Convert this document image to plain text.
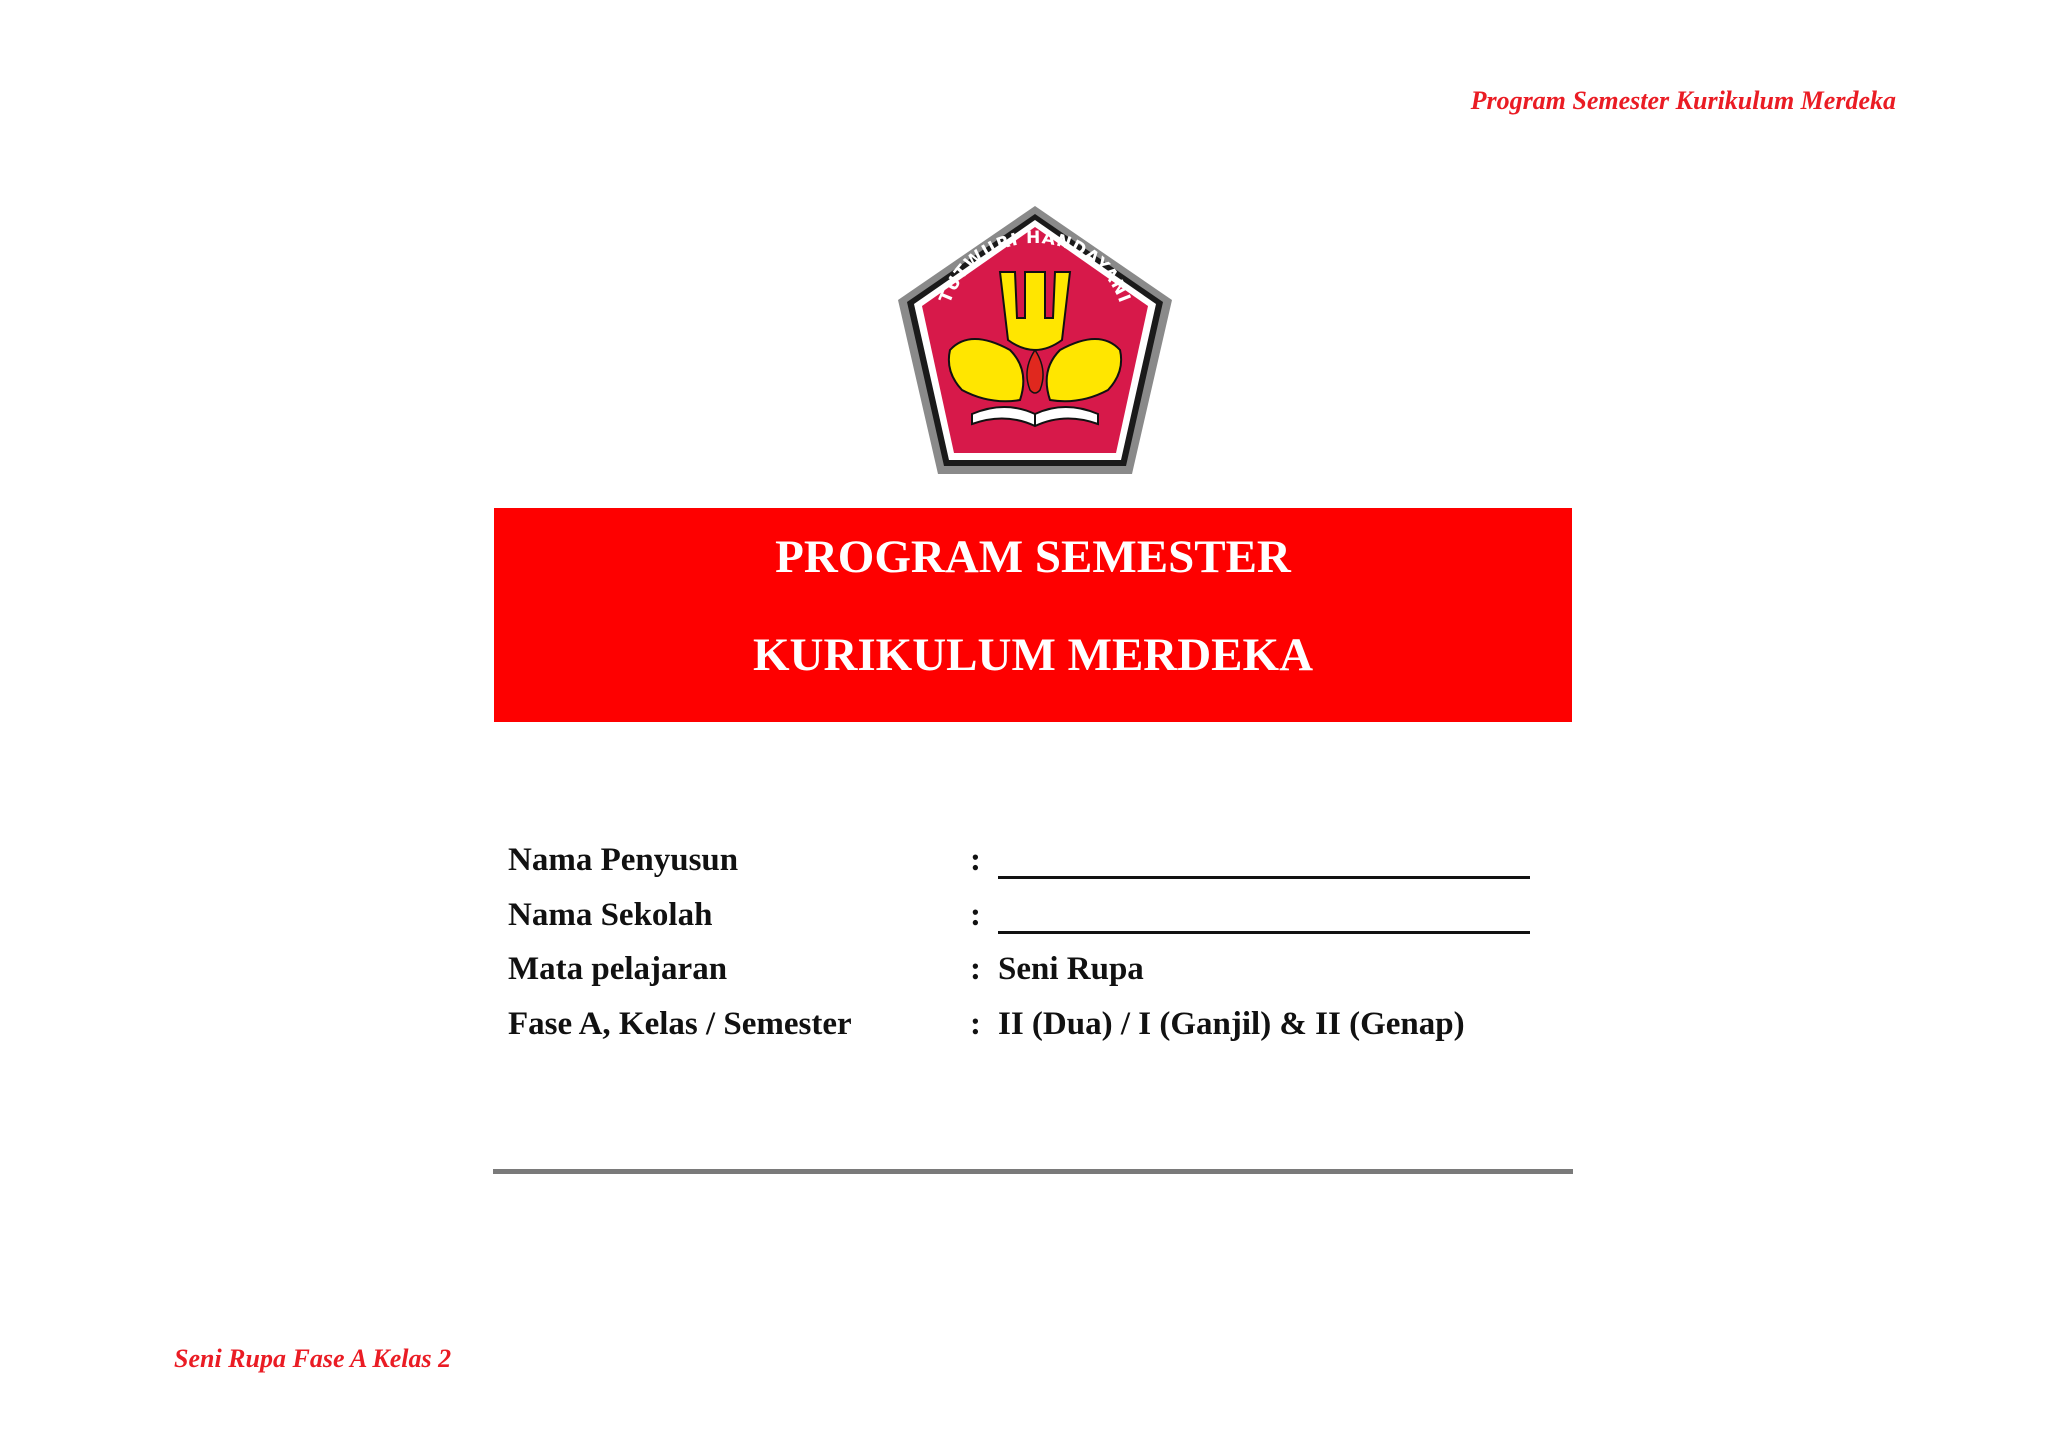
Program Semester Kurikulum Merdeka
TUTWURI HANDAYANI
PROGRAM SEMESTER
KURIKULUM MERDEKA
Nama Penyusun	:
Nama Sekolah	:
Mata pelajaran	: Seni Rupa
Fase A, Kelas / Semester	: II (Dua) / I (Ganjil) & II (Genap)
Seni Rupa Fase A Kelas 2
